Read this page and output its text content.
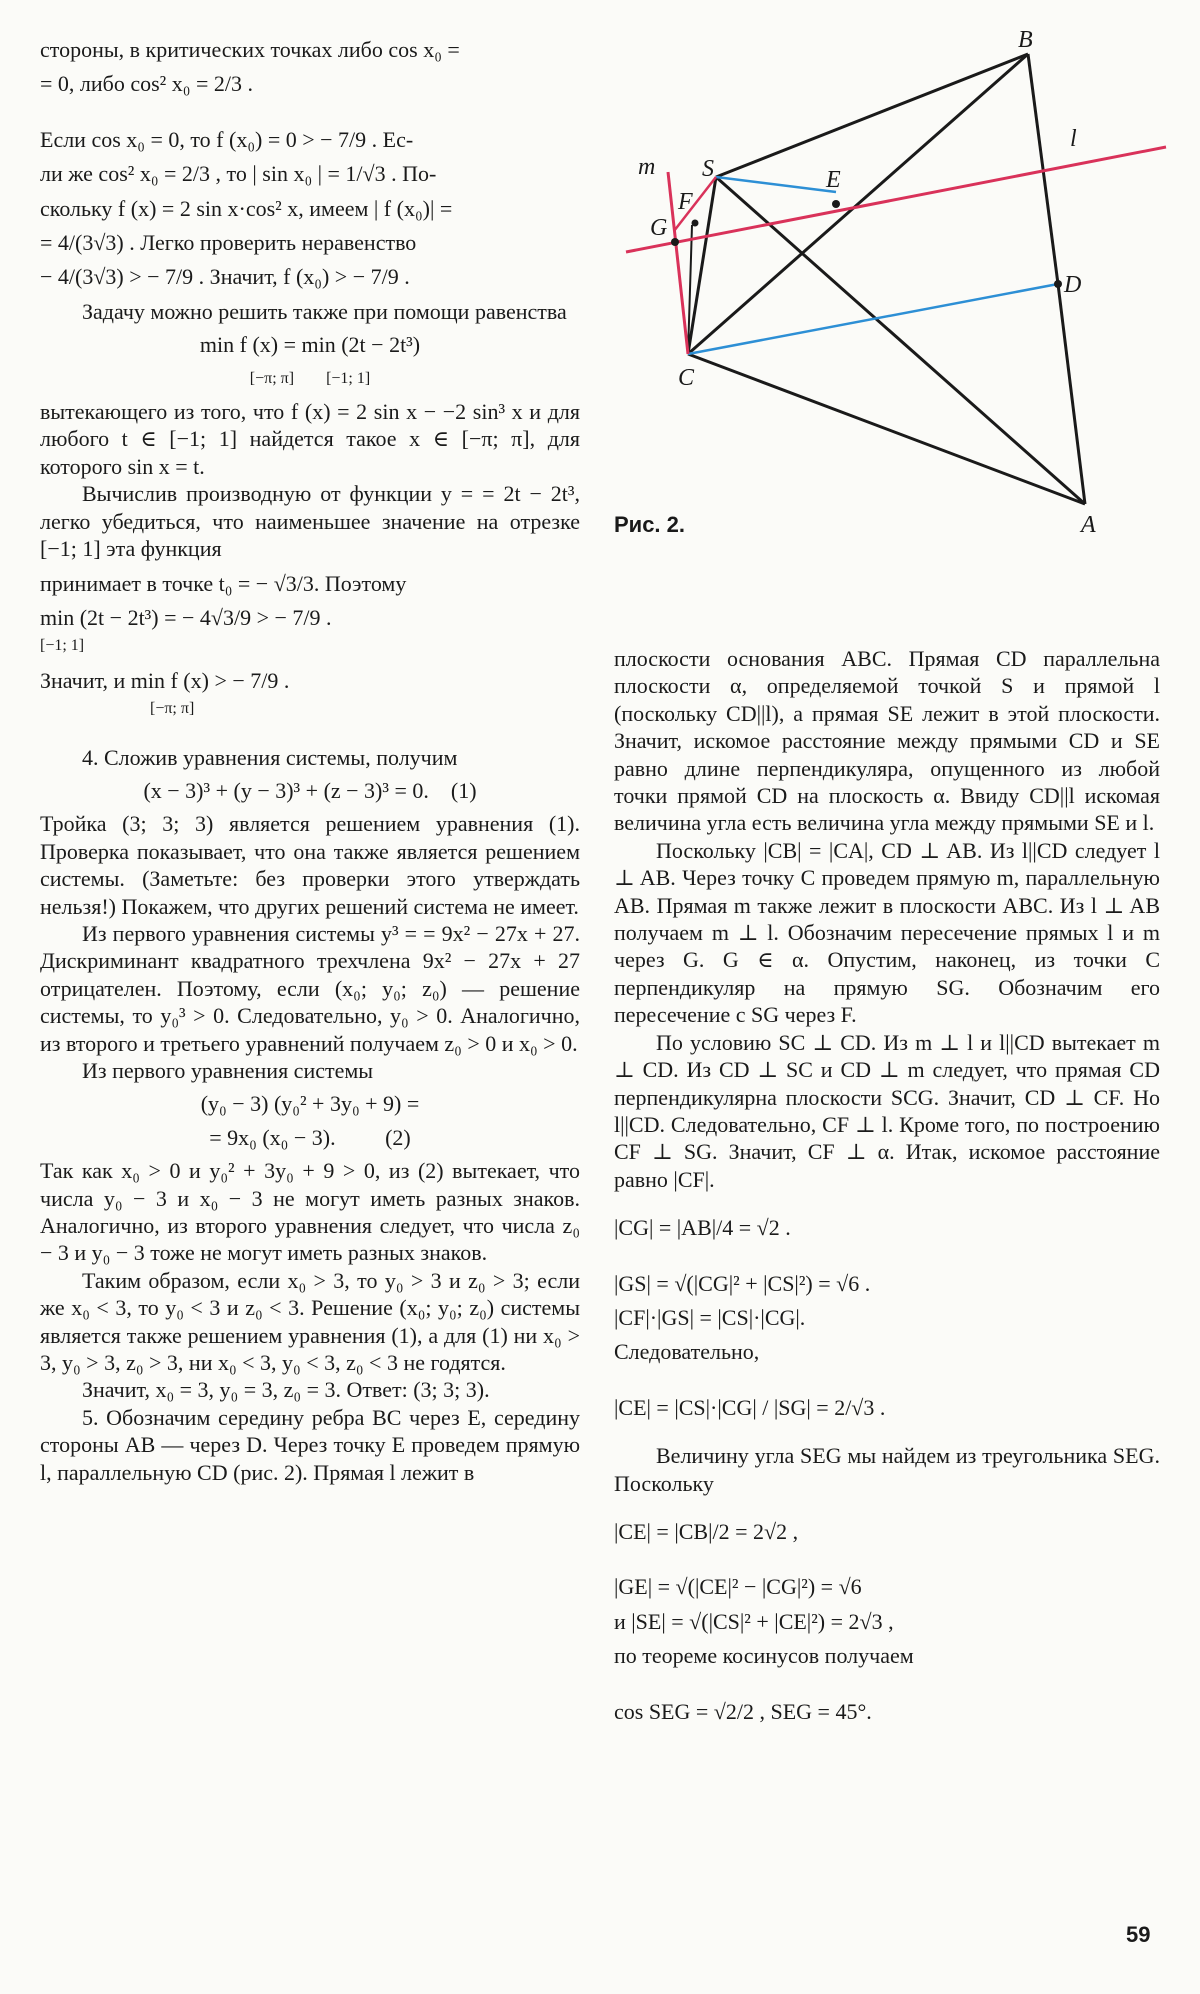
B
l
m S	E
F
G
D
C
A
Рис. 2.

стороны, в критических точках либо cos x₀ =

= 0, либо cos² x₀ = 2/3 .

Если cos x₀ = 0, то f (x₀) = 0 > − 7/9 . Ес-

ли же cos² x₀ = 2/3 , то | sin x₀ | = 1/√3 . По-

скольку f (x) = 2 sin x·cos² x, имеем | f (x₀)| =

= 4/(3√3) . Легко проверить неравенство

− 4/(3√3) > − 7/9 . Значит, f (x₀) > − 7/9 .

Задачу можно решить также при помощи равенства

min f (x) = min (2t − 2t³)

[−π; π]        [−1; 1]

вытекающего из того, что f (x) = 2 sin x − −2 sin³ x и для любого t ∈ [−1; 1] найдется такое x ∈ [−π; π], для которого sin x = t.

Вычислив производную от функции y = = 2t − 2t³, легко убедиться, что наименьшее значение на отрезке [−1; 1] эта функция

принимает в точке t₀ = − √3/3. Поэтому

min (2t − 2t³) = − 4√3/9 > − 7/9 .

[−1; 1]

Значит, и min f (x) > − 7/9 .

[−π; π]

4. Сложив уравнения системы, получим

(x − 3)³ + (y − 3)³ + (z − 3)³ = 0.    (1)

Тройка (3; 3; 3) является решением уравнения (1). Проверка показывает, что она также является решением системы. (Заметьте: без проверки этого утверждать нельзя!) Покажем, что других решений система не имеет.

Из первого уравнения системы y³ = = 9x² − 27x + 27. Дискриминант квадратного трехчлена 9x² − 27x + 27 отрицателен. Поэтому, если (x₀; y₀; z₀) — решение системы, то y₀³ > 0. Следовательно, y₀ > 0. Аналогично, из второго и третьего уравнений получаем z₀ > 0 и x₀ > 0.

Из первого уравнения системы

(y₀ − 3) (y₀² + 3y₀ + 9) =

= 9x₀ (x₀ − 3).         (2)

Так как x₀ > 0 и y₀² + 3y₀ + 9 > 0, из (2) вытекает, что числа y₀ − 3 и x₀ − 3 не могут иметь разных знаков. Аналогично, из второго уравнения следует, что числа z₀ − 3 и y₀ − 3 тоже не могут иметь разных знаков.

Таким образом, если x₀ > 3, то y₀ > 3 и z₀ > 3; если же x₀ < 3, то y₀ < 3 и z₀ < 3. Решение (x₀; y₀; z₀) системы является также решением уравнения (1), а для (1) ни x₀ > 3, y₀ > 3, z₀ > 3, ни x₀ < 3, y₀ < 3, z₀ < 3 не годятся.

Значит, x₀ = 3, y₀ = 3, z₀ = 3. Ответ: (3; 3; 3).

5. Обозначим середину ребра BC через E, середину стороны AB — через D. Через точку E проведем прямую l, параллельную CD (рис. 2). Прямая l лежит в

плоскости основания ABC. Прямая CD параллельна плоскости α, определяемой точкой S и прямой l (поскольку CD||l), а прямая SE лежит в этой плоскости. Значит, искомое расстояние между прямыми CD и SE равно длине перпендикуляра, опущенного из любой точки прямой CD на плоскость α. Ввиду CD||l искомая величина угла есть величина угла между прямыми SE и l.

Поскольку |CB| = |CA|, CD ⊥ AB. Из l||CD следует l ⊥ AB. Через точку C проведем прямую m, параллельную AB. Прямая m также лежит в плоскости ABC. Из l ⊥ AB получаем m ⊥ l. Обозначим пересечение прямых l и m через G. G ∈ α. Опустим, наконец, из точки C перпендикуляр на прямую SG. Обозначим его пересечение с SG через F.

По условию SC ⊥ CD. Из m ⊥ l и l||CD вытекает m ⊥ CD. Из CD ⊥ SC и CD ⊥ m следует, что прямая CD перпендикулярна плоскости SCG. Значит, CD ⊥ CF. Но l||CD. Следовательно, CF ⊥ l. Кроме того, по построению CF ⊥ SG. Значит, CF ⊥ α. Итак, искомое расстояние равно |CF|.

|CG| = |AB|/4 = √2 .

|GS| = √(|CG|² + |CS|²) = √6 .

|CF|·|GS| = |CS|·|CG|.

Следовательно,

|CE| = |CS|·|CG| / |SG| = 2/√3 .

Величину угла SEG мы найдем из треугольника SEG. Поскольку

|CE| = |CB|/2 = 2√2 ,

|GE| = √(|CE|² − |CG|²) = √6

и |SE| = √(|CS|² + |CE|²) = 2√3 ,

по теореме косинусов получаем

cos SEG = √2/2 , SEG = 45°.

59
